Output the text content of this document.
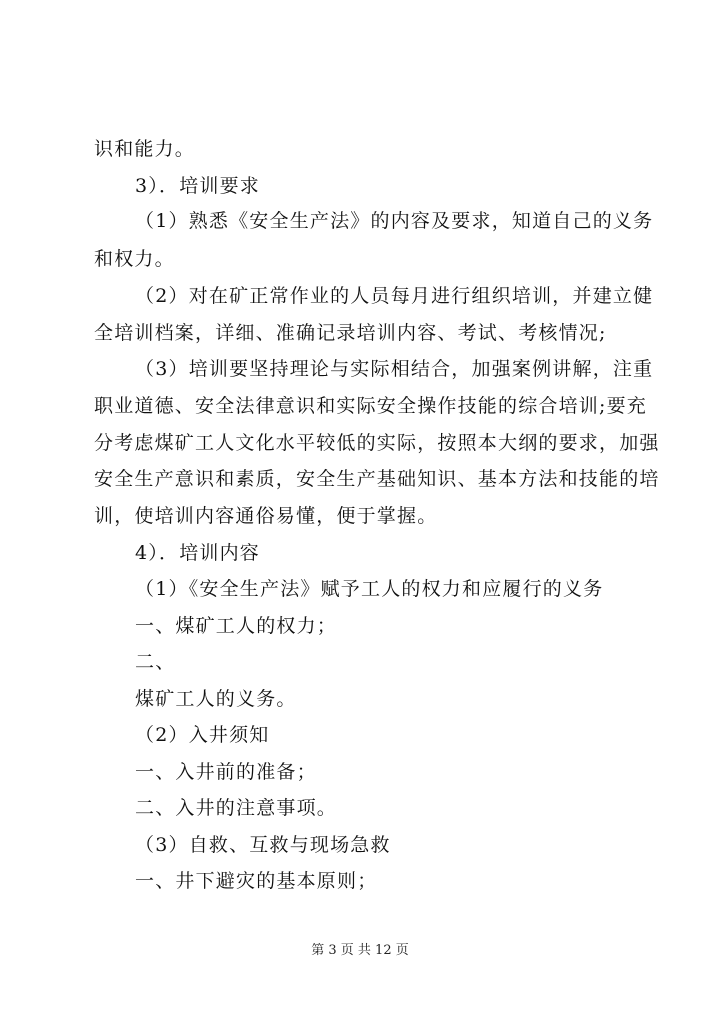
识和能力。
3）．培训要求
（1）熟悉《安全生产法》的内容及要求，知道自己的义务
和权力。
（2）对在矿正常作业的人员每月进行组织培训，并建立健
全培训档案，详细、准确记录培训内容、考试、考核情况;
（3）培训要坚持理论与实际相结合，加强案例讲解，注重
职业道德、安全法律意识和实际安全操作技能的综合培训;要充
分考虑煤矿工人文化水平较低的实际，按照本大纲的要求，加强
安全生产意识和素质，安全生产基础知识、基本方法和技能的培
训，使培训内容通俗易懂，便于掌握。
4）．培训内容
（1）《安全生产法》赋予工人的权力和应履行的义务
一、煤矿工人的权力；
二、
煤矿工人的义务。
（2）入井须知
一、入井前的准备；
二、入井的注意事项。
（3）自救、互救与现场急救
一、井下避灾的基本原则；
第 3 页 共 12 页
